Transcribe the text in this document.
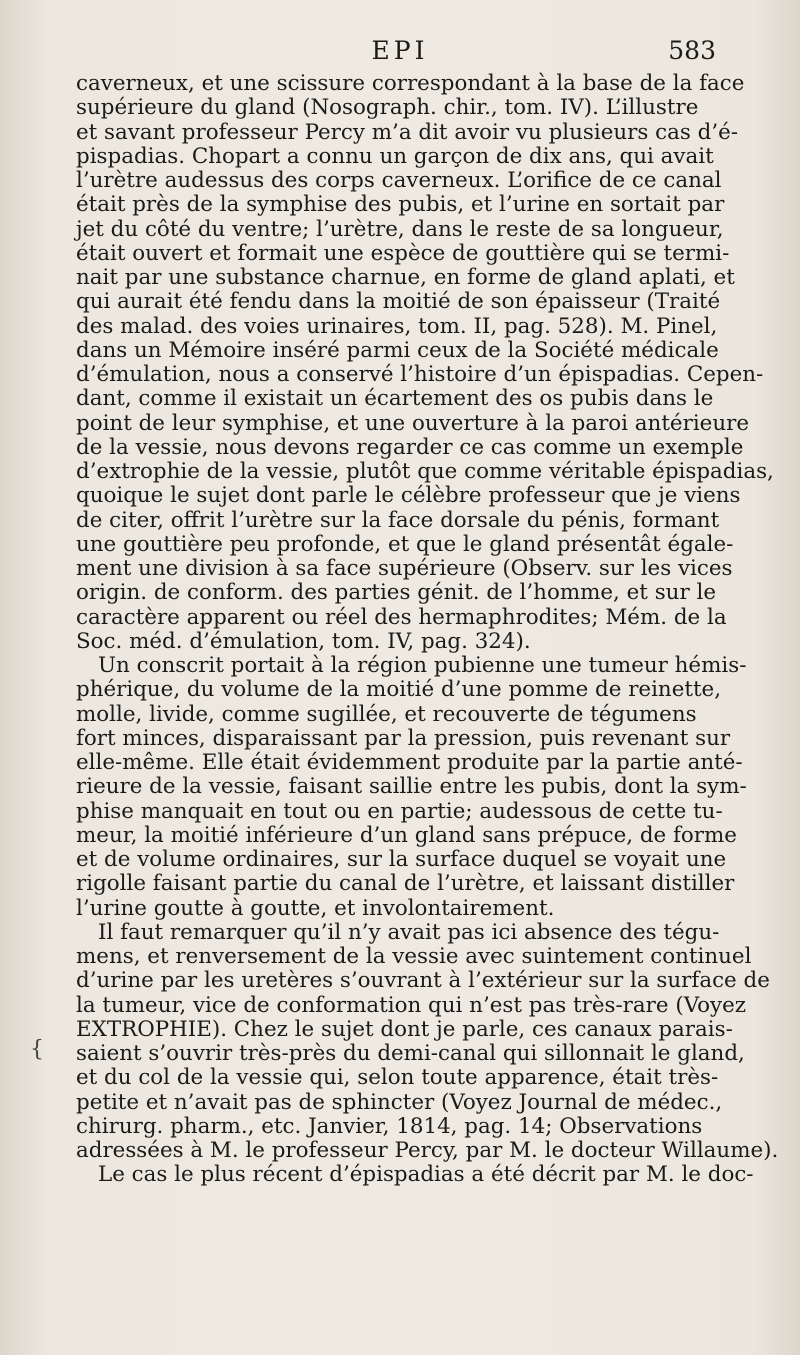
EPI	583
{
caverneux, et une scissure correspondant à la base de la face
supérieure du gland (Nosograph. chir., tom. IV). L’illustre
et savant professeur Percy m’a dit avoir vu plusieurs cas d’é-
pispadias. Chopart a connu un garçon de dix ans, qui avait
l’urètre audessus des corps caverneux. L’orifice de ce canal
était près de la symphise des pubis, et l’urine en sortait par
jet du côté du ventre; l’urètre, dans le reste de sa longueur,
était ouvert et formait une espèce de gouttière qui se termi-
nait par une substance charnue, en forme de gland aplati, et
qui aurait été fendu dans la moitié de son épaisseur (Traité
des malad. des voies urinaires, tom. II, pag. 528). M. Pinel,
dans un Mémoire inséré parmi ceux de la Société médicale
d’émulation, nous a conservé l’histoire d’un épispadias. Cepen-
dant, comme il existait un écartement des os pubis dans le
point de leur symphise, et une ouverture à la paroi antérieure
de la vessie, nous devons regarder ce cas comme un exemple
d’extrophie de la vessie, plutôt que comme véritable épispadias,
quoique le sujet dont parle le célèbre professeur que je viens
de citer, offrit l’urètre sur la face dorsale du pénis, formant
une gouttière peu profonde, et que le gland présentât égale-
ment une division à sa face supérieure (Observ. sur les vices
origin. de conform. des parties génit. de l’homme, et sur le
caractère apparent ou réel des hermaphrodites; Mém. de la
Soc. méd. d’émulation, tom. IV, pag. 324).
Un conscrit portait à la région pubienne une tumeur hémis-
phérique, du volume de la moitié d’une pomme de reinette,
molle, livide, comme sugillée, et recouverte de tégumens
fort minces, disparaissant par la pression, puis revenant sur
elle-même. Elle était évidemment produite par la partie anté-
rieure de la vessie, faisant saillie entre les pubis, dont la sym-
phise manquait en tout ou en partie; audessous de cette tu-
meur, la moitié inférieure d’un gland sans prépuce, de forme
et de volume ordinaires, sur la surface duquel se voyait une
rigolle faisant partie du canal de l’urètre, et laissant distiller
l’urine goutte à goutte, et involontairement.
Il faut remarquer qu’il n’y avait pas ici absence des tégu-
mens, et renversement de la vessie avec suintement continuel
d’urine par les uretères s’ouvrant à l’extérieur sur la surface de
la tumeur, vice de conformation qui n’est pas très-rare (Voyez
EXTROPHIE). Chez le sujet dont je parle, ces canaux parais-
saient s’ouvrir très-près du demi-canal qui sillonnait le gland,
et du col de la vessie qui, selon toute apparence, était très-
petite et n’avait pas de sphincter (Voyez Journal de médec.,
chirurg. pharm., etc. Janvier, 1814, pag. 14; Observations
adressées à M. le professeur Percy, par M. le docteur Willaume).
Le cas le plus récent d’épispadias a été décrit par M. le doc-
